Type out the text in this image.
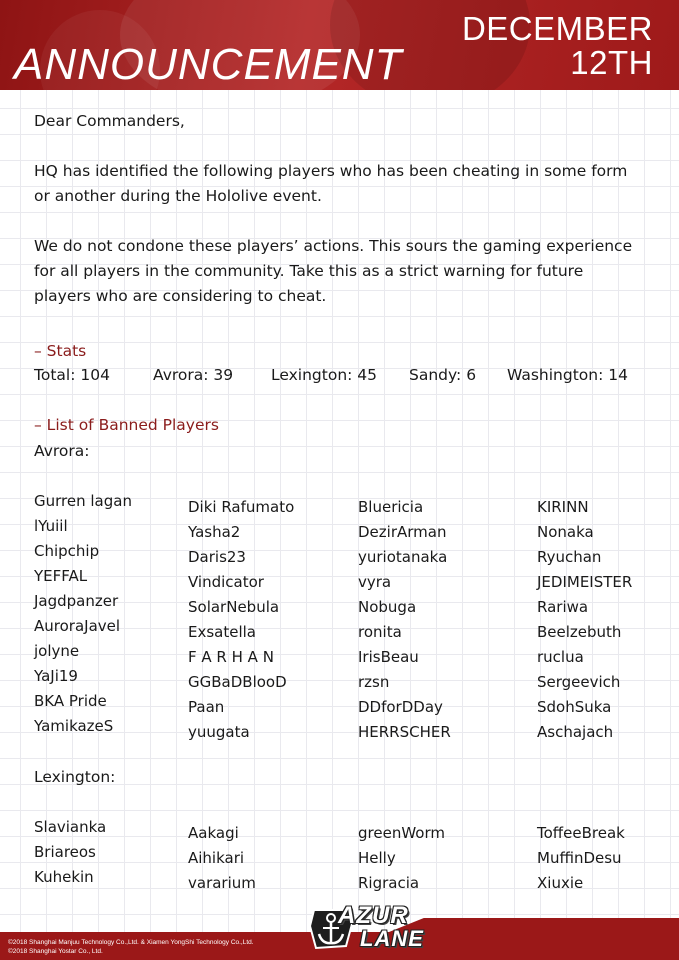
ANNOUNCEMENT
DECEMBER
12TH
Dear Commanders,
HQ has identified the following players who has been cheating in some form
or another during the Hololive event.
We do not condone these players’ actions. This sours the gaming experience
for all players in the community. Take this as a strict warning for future
players who are considering to cheat.
– Stats
Total: 104	Avrora: 39 Lexington: 45 Sandy: 6 Washington: 14
– List of Banned Players
Avrora:
Gurren lagan
lYuiil
Chipchip
YEFFAL
Jagdpanzer
AuroraJavel
jolyne
YaJi19
BKA Pride
YamikazeS
Diki Rafumato
Yasha2
Daris23
Vindicator
SolarNebula
Exsatella
F A R H A N
GGBaDBlooD
Paan
yuugata
Bluericia
DezirArman
yuriotanaka
vyra
Nobuga
ronita
IrisBeau
rzsn
DDforDDay
HERRSCHER
KIRINN
Nonaka
Ryuchan
JEDIMEISTER
Rariwa
Beelzebuth
ruclua
Sergeevich
SdohSuka
Aschajach
Lexington:
Slavianka
Briareos
Kuhekin
Aakagi
Aihikari
vararium
greenWorm
Helly
Rigracia
ToffeeBreak
MuffinDesu
Xiuxie
©2018 Shanghai Manjuu Technology Co.,Ltd. & Xiamen YongShi Technology Co.,Ltd.
©2018 Shanghai Yostar Co., Ltd.
AZUR
LANE
